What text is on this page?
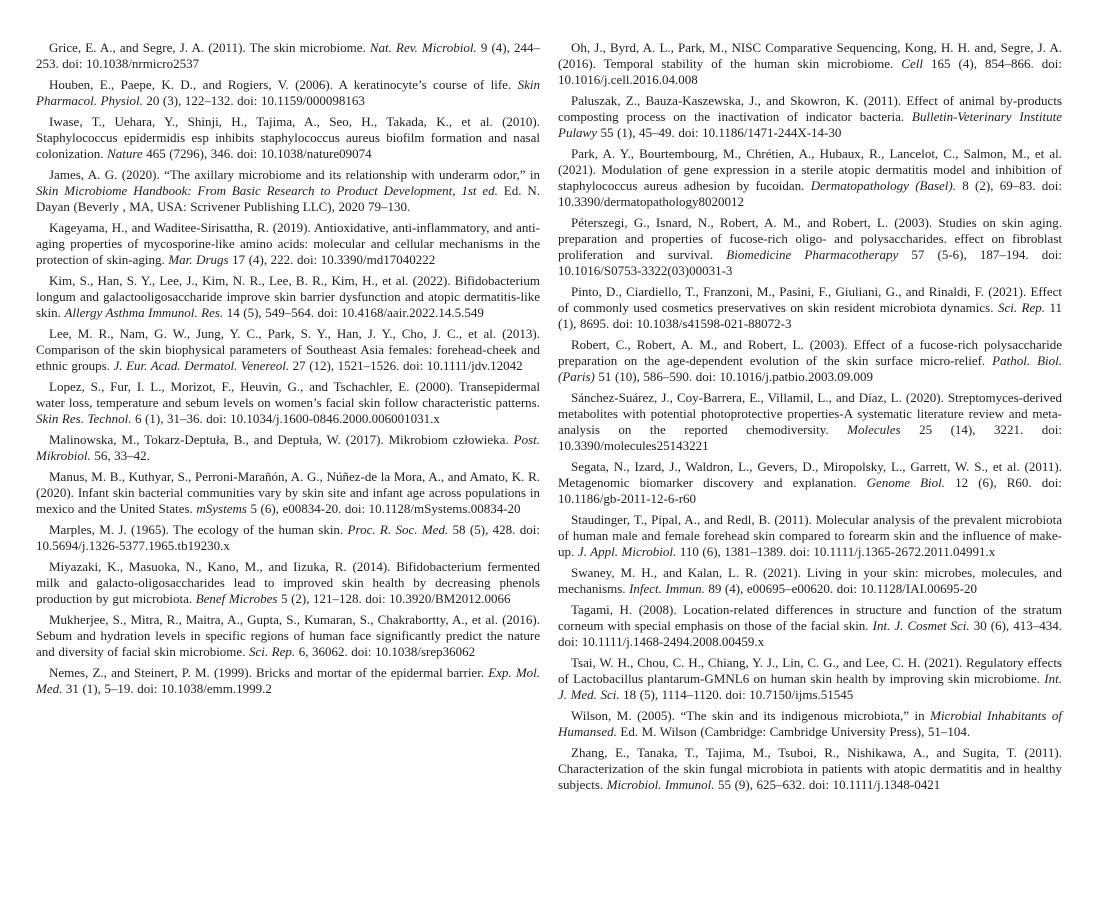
Grice, E. A., and Segre, J. A. (2011). The skin microbiome. Nat. Rev. Microbiol. 9 (4), 244–253. doi: 10.1038/nrmicro2537

Houben, E., Paepe, K. D., and Rogiers, V. (2006). A keratinocyte’s course of life. Skin Pharmacol. Physiol. 20 (3), 122–132. doi: 10.1159/000098163

Iwase, T., Uehara, Y., Shinji, H., Tajima, A., Seo, H., Takada, K., et al. (2010). Staphylococcus epidermidis esp inhibits staphylococcus aureus biofilm formation and nasal colonization. Nature 465 (7296), 346. doi: 10.1038/nature09074

James, A. G. (2020). “The axillary microbiome and its relationship with underarm odor,” in Skin Microbiome Handbook: From Basic Research to Product Development, 1st ed. Ed. N. Dayan (Beverly , MA, USA: Scrivener Publishing LLC), 2020 79–130.

Kageyama, H., and Waditee-Sirisattha, R. (2019). Antioxidative, anti-inflammatory, and anti-aging properties of mycosporine-like amino acids: molecular and cellular mechanisms in the protection of skin-aging. Mar. Drugs 17 (4), 222. doi: 10.3390/md17040222

Kim, S., Han, S. Y., Lee, J., Kim, N. R., Lee, B. R., Kim, H., et al. (2022). Bifidobacterium longum and galactooligosaccharide improve skin barrier dysfunction and atopic dermatitis-like skin. Allergy Asthma Immunol. Res. 14 (5), 549–564. doi: 10.4168/aair.2022.14.5.549

Lee, M. R., Nam, G. W., Jung, Y. C., Park, S. Y., Han, J. Y., Cho, J. C., et al. (2013). Comparison of the skin biophysical parameters of Southeast Asia females: forehead-cheek and ethnic groups. J. Eur. Acad. Dermatol. Venereol. 27 (12), 1521–1526. doi: 10.1111/jdv.12042

Lopez, S., Fur, I. L., Morizot, F., Heuvin, G., and Tschachler, E. (2000). Transepidermal water loss, temperature and sebum levels on women’s facial skin follow characteristic patterns. Skin Res. Technol. 6 (1), 31–36. doi: 10.1034/j.1600-0846.2000.006001031.x

Malinowska, M., Tokarz-Deptuła, B., and Deptuła, W. (2017). Mikrobiom człowieka. Post. Mikrobiol. 56, 33–42.

Manus, M. B., Kuthyar, S., Perroni-Marañón, A. G., Núñez-de la Mora, A., and Amato, K. R. (2020). Infant skin bacterial communities vary by skin site and infant age across populations in mexico and the United States. mSystems 5 (6), e00834-20. doi: 10.1128/mSystems.00834-20

Marples, M. J. (1965). The ecology of the human skin. Proc. R. Soc. Med. 58 (5), 428. doi: 10.5694/j.1326-5377.1965.tb19230.x

Miyazaki, K., Masuoka, N., Kano, M., and Iizuka, R. (2014). Bifidobacterium fermented milk and galacto-oligosaccharides lead to improved skin health by decreasing phenols production by gut microbiota. Benef Microbes 5 (2), 121–128. doi: 10.3920/BM2012.0066

Mukherjee, S., Mitra, R., Maitra, A., Gupta, S., Kumaran, S., Chakrabortty, A., et al. (2016). Sebum and hydration levels in specific regions of human face significantly predict the nature and diversity of facial skin microbiome. Sci. Rep. 6, 36062. doi: 10.1038/srep36062

Nemes, Z., and Steinert, P. M. (1999). Bricks and mortar of the epidermal barrier. Exp. Mol. Med. 31 (1), 5–19. doi: 10.1038/emm.1999.2

Oh, J., Byrd, A. L., Park, M., NISC Comparative Sequencing, Kong, H. H. and, Segre, J. A. (2016). Temporal stability of the human skin microbiome. Cell 165 (4), 854–866. doi: 10.1016/j.cell.2016.04.008

Paluszak, Z., Bauza-Kaszewska, J., and Skowron, K. (2011). Effect of animal by-products composting process on the inactivation of indicator bacteria. Bulletin-Veterinary Institute Pulawy 55 (1), 45–49. doi: 10.1186/1471-244X-14-30

Park, A. Y., Bourtembourg, M., Chrétien, A., Hubaux, R., Lancelot, C., Salmon, M., et al. (2021). Modulation of gene expression in a sterile atopic dermatitis model and inhibition of staphylococcus aureus adhesion by fucoidan. Dermatopathology (Basel). 8 (2), 69–83. doi: 10.3390/dermatopathology8020012

Péterszegi, G., Isnard, N., Robert, A. M., and Robert, L. (2003). Studies on skin aging. preparation and properties of fucose-rich oligo- and polysaccharides. effect on fibroblast proliferation and survival. Biomedicine Pharmacotherapy 57 (5-6), 187–194. doi: 10.1016/S0753-3322(03)00031-3

Pinto, D., Ciardiello, T., Franzoni, M., Pasini, F., Giuliani, G., and Rinaldi, F. (2021). Effect of commonly used cosmetics preservatives on skin resident microbiota dynamics. Sci. Rep. 11 (1), 8695. doi: 10.1038/s41598-021-88072-3

Robert, C., Robert, A. M., and Robert, L. (2003). Effect of a fucose-rich polysaccharide preparation on the age-dependent evolution of the skin surface micro-relief. Pathol. Biol. (Paris) 51 (10), 586–590. doi: 10.1016/j.patbio.2003.09.009

Sánchez-Suárez, J., Coy-Barrera, E., Villamil, L., and Díaz, L. (2020). Streptomyces-derived metabolites with potential photoprotective properties-A systematic literature review and meta-analysis on the reported chemodiversity. Molecules 25 (14), 3221. doi: 10.3390/molecules25143221

Segata, N., Izard, J., Waldron, L., Gevers, D., Miropolsky, L., Garrett, W. S., et al. (2011). Metagenomic biomarker discovery and explanation. Genome Biol. 12 (6), R60. doi: 10.1186/gb-2011-12-6-r60

Staudinger, T., Pipal, A., and Redl, B. (2011). Molecular analysis of the prevalent microbiota of human male and female forehead skin compared to forearm skin and the influence of make-up. J. Appl. Microbiol. 110 (6), 1381–1389. doi: 10.1111/j.1365-2672.2011.04991.x

Swaney, M. H., and Kalan, L. R. (2021). Living in your skin: microbes, molecules, and mechanisms. Infect. Immun. 89 (4), e00695–e00620. doi: 10.1128/IAI.00695-20

Tagami, H. (2008). Location-related differences in structure and function of the stratum corneum with special emphasis on those of the facial skin. Int. J. Cosmet Sci. 30 (6), 413–434. doi: 10.1111/j.1468-2494.2008.00459.x

Tsai, W. H., Chou, C. H., Chiang, Y. J., Lin, C. G., and Lee, C. H. (2021). Regulatory effects of Lactobacillus plantarum-GMNL6 on human skin health by improving skin microbiome. Int. J. Med. Sci. 18 (5), 1114–1120. doi: 10.7150/ijms.51545

Wilson, M. (2005). “The skin and its indigenous microbiota,” in Microbial Inhabitants of Humansed. Ed. M. Wilson (Cambridge: Cambridge University Press), 51–104.

Zhang, E., Tanaka, T., Tajima, M., Tsuboi, R., Nishikawa, A., and Sugita, T. (2011). Characterization of the skin fungal microbiota in patients with atopic dermatitis and in healthy subjects. Microbiol. Immunol. 55 (9), 625–632. doi: 10.1111/j.1348-0421
